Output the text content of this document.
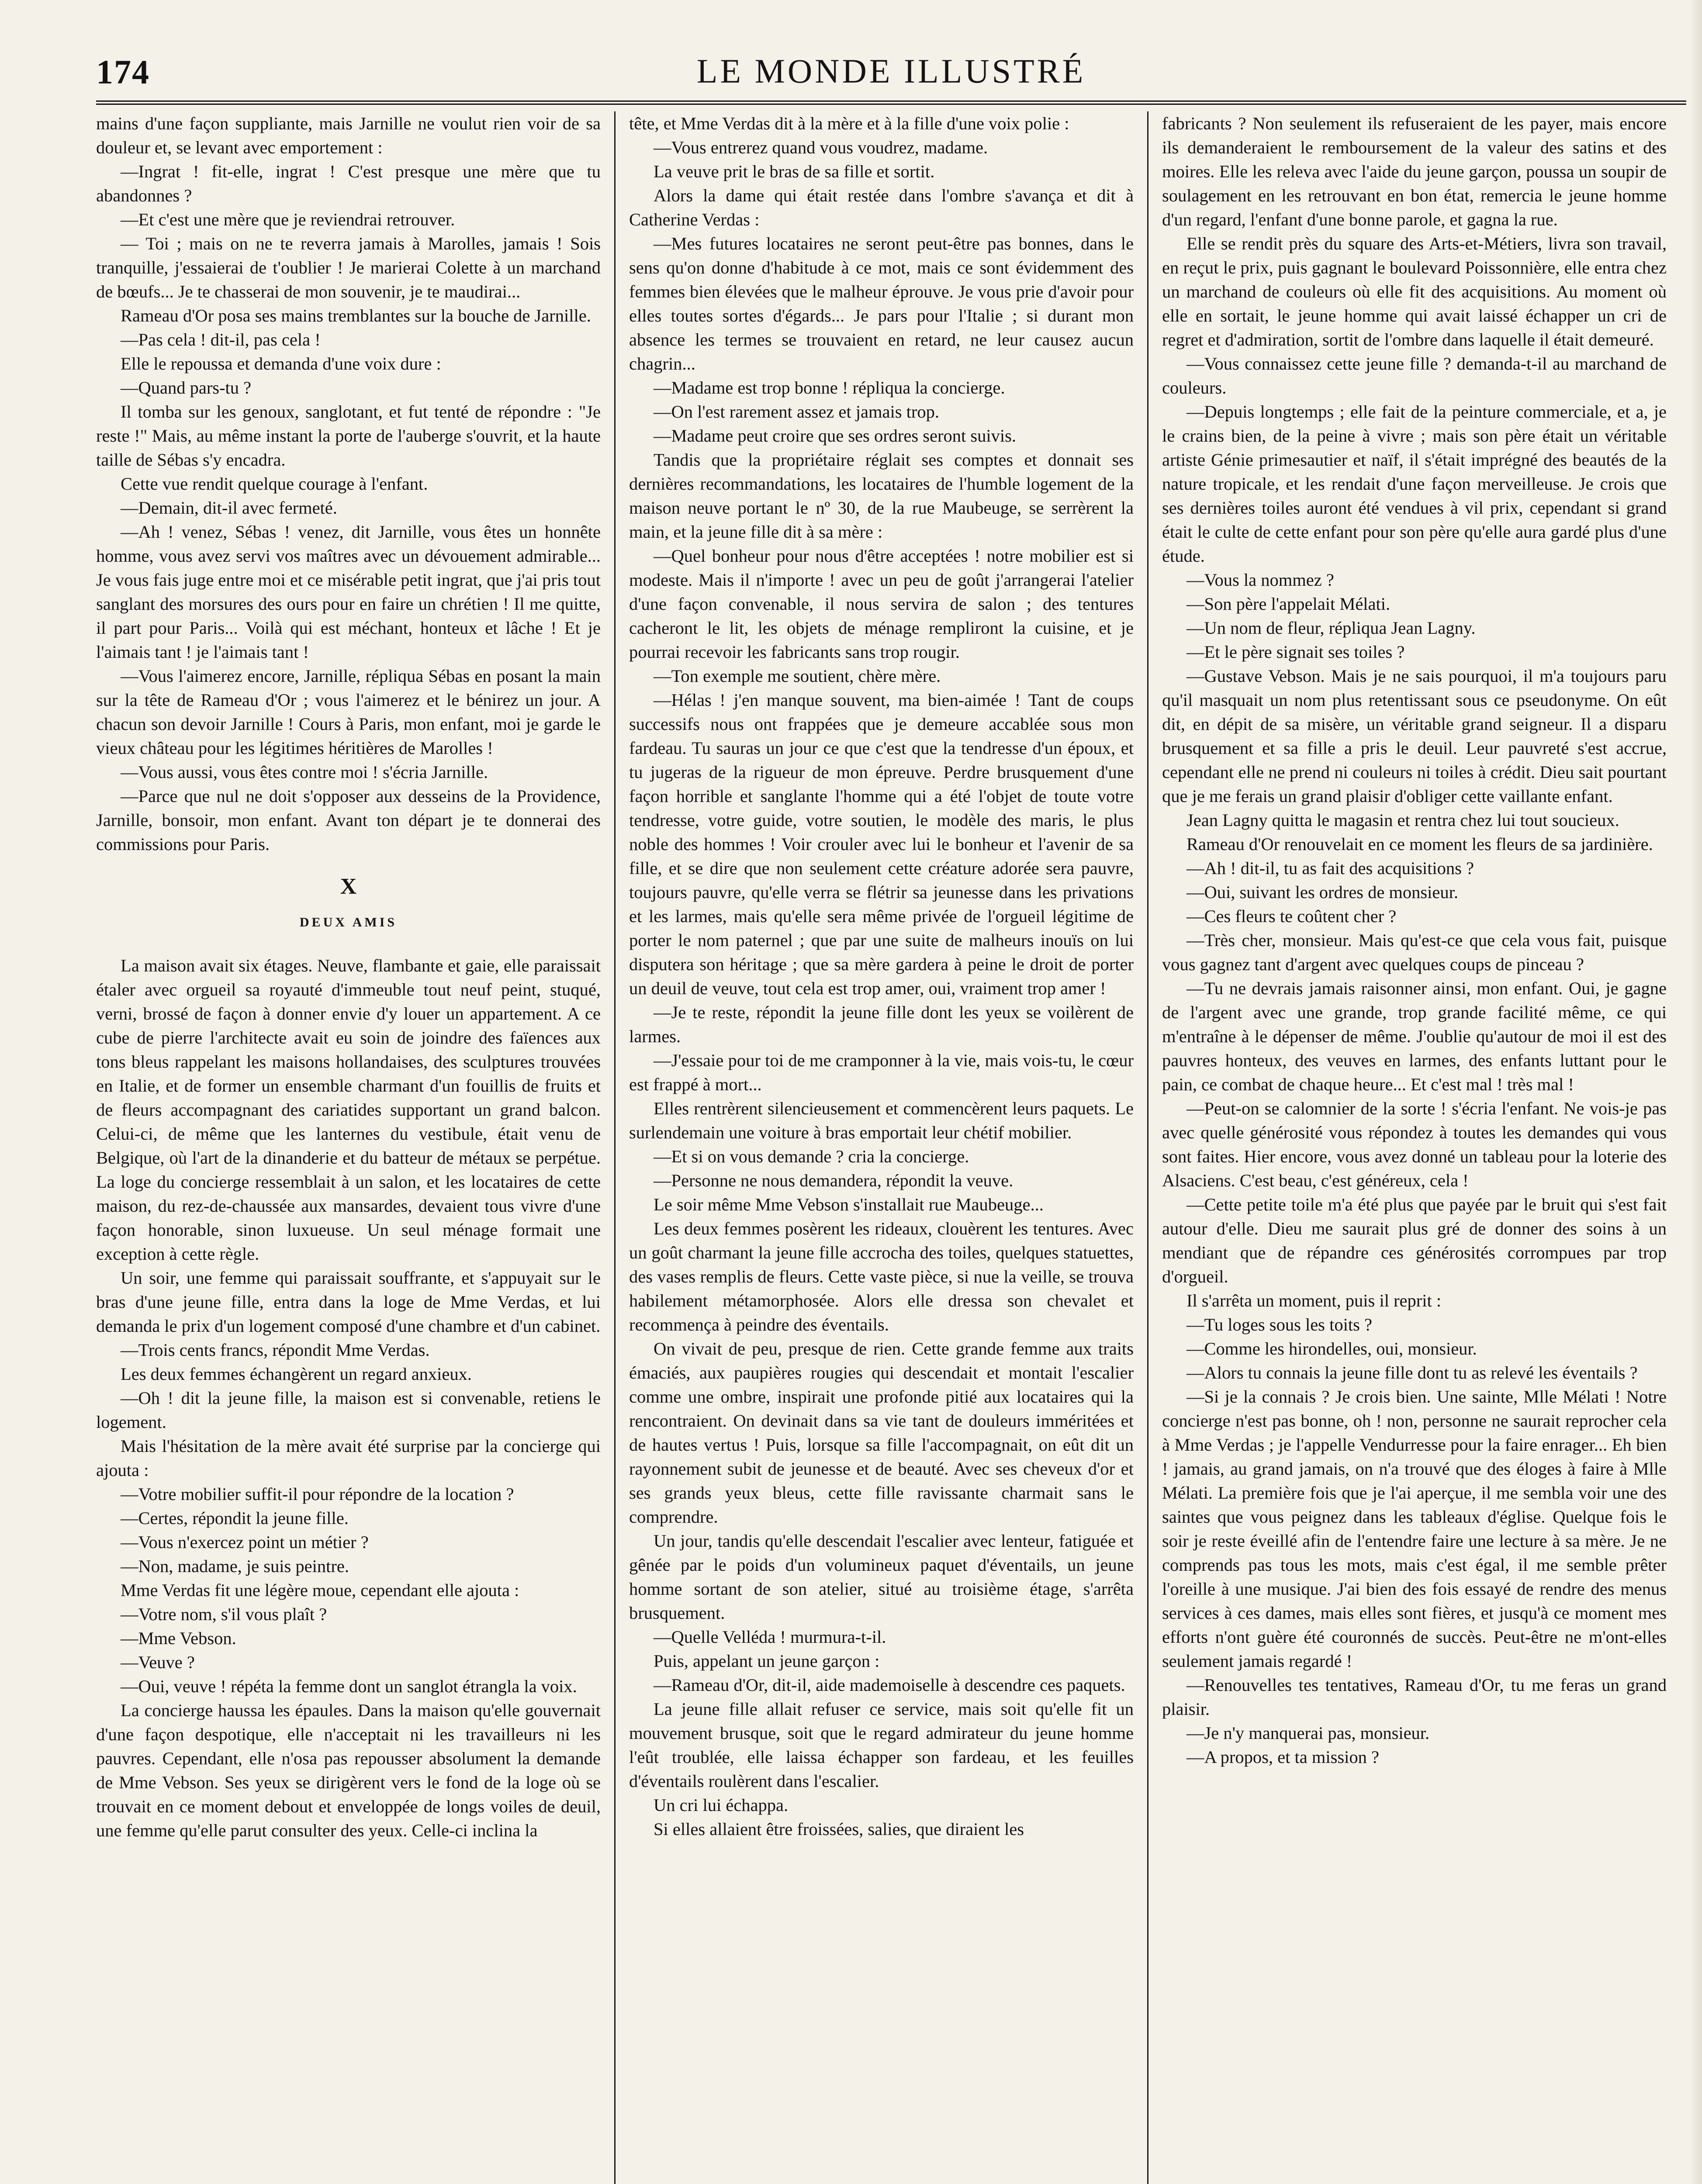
174	LE MONDE ILLUSTRÉ

mains d'une façon suppliante, mais Jarnille ne voulut rien voir de sa douleur et, se levant avec emportement :

—Ingrat ! fit-elle, ingrat ! C'est presque une mère que tu abandonnes ?

—Et c'est une mère que je reviendrai retrouver.

— Toi ; mais on ne te reverra jamais à Marolles, jamais ! Sois tranquille, j'essaierai de t'oublier ! Je marierai Colette à un marchand de bœufs... Je te chasserai de mon souvenir, je te maudirai...

Rameau d'Or posa ses mains tremblantes sur la bouche de Jarnille.

—Pas cela ! dit-il, pas cela !

Elle le repoussa et demanda d'une voix dure :

—Quand pars-tu ?

Il tomba sur les genoux, sanglotant, et fut tenté de répondre : "Je reste !" Mais, au même instant la porte de l'auberge s'ouvrit, et la haute taille de Sébas s'y encadra.

Cette vue rendit quelque courage à l'enfant.

—Demain, dit-il avec fermeté.

—Ah ! venez, Sébas ! venez, dit Jarnille, vous êtes un honnête homme, vous avez servi vos maîtres avec un dévouement admirable... Je vous fais juge entre moi et ce misérable petit ingrat, que j'ai pris tout sanglant des morsures des ours pour en faire un chrétien ! Il me quitte, il part pour Paris... Voilà qui est méchant, honteux et lâche ! Et je l'aimais tant ! je l'aimais tant !

—Vous l'aimerez encore, Jarnille, répliqua Sébas en posant la main sur la tête de Rameau d'Or ; vous l'aimerez et le bénirez un jour. A chacun son devoir Jarnille ! Cours à Paris, mon enfant, moi je garde le vieux château pour les légitimes héritières de Marolles !

—Vous aussi, vous êtes contre moi ! s'écria Jarnille.

—Parce que nul ne doit s'opposer aux desseins de la Providence, Jarnille, bonsoir, mon enfant. Avant ton départ je te donnerai des commissions pour Paris.

X
DEUX AMIS

La maison avait six étages. Neuve, flambante et gaie, elle paraissait étaler avec orgueil sa royauté d'immeuble tout neuf peint, stuqué, verni, brossé de façon à donner envie d'y louer un appartement. A ce cube de pierre l'architecte avait eu soin de joindre des faïences aux tons bleus rappelant les maisons hollandaises, des sculptures trouvées en Italie, et de former un ensemble charmant d'un fouillis de fruits et de fleurs accompagnant des cariatides supportant un grand balcon. Celui-ci, de même que les lanternes du vestibule, était venu de Belgique, où l'art de la dinanderie et du batteur de métaux se perpétue. La loge du concierge ressemblait à un salon, et les locataires de cette maison, du rez-de-chaussée aux mansardes, devaient tous vivre d'une façon honorable, sinon luxueuse. Un seul ménage formait une exception à cette règle.

Un soir, une femme qui paraissait souffrante, et s'appuyait sur le bras d'une jeune fille, entra dans la loge de Mme Verdas, et lui demanda le prix d'un logement composé d'une chambre et d'un cabinet.

—Trois cents francs, répondit Mme Verdas.

Les deux femmes échangèrent un regard anxieux.

—Oh ! dit la jeune fille, la maison est si convenable, retiens le logement.

Mais l'hésitation de la mère avait été surprise par la concierge qui ajouta :

—Votre mobilier suffit-il pour répondre de la location ?

—Certes, répondit la jeune fille.

—Vous n'exercez point un métier ?

—Non, madame, je suis peintre.

Mme Verdas fit une légère moue, cependant elle ajouta :

—Votre nom, s'il vous plaît ?

—Mme Vebson.

—Veuve ?

—Oui, veuve ! répéta la femme dont un sanglot étrangla la voix.

La concierge haussa les épaules. Dans la maison qu'elle gouvernait d'une façon despotique, elle n'acceptait ni les travailleurs ni les pauvres. Cependant, elle n'osa pas repousser absolument la demande de Mme Vebson. Ses yeux se dirigèrent vers le fond de la loge où se trouvait en ce moment debout et enveloppée de longs voiles de deuil, une femme qu'elle parut consulter des yeux. Celle-ci inclina la

tête, et Mme Verdas dit à la mère et à la fille d'une voix polie :

—Vous entrerez quand vous voudrez, madame.

La veuve prit le bras de sa fille et sortit.

Alors la dame qui était restée dans l'ombre s'avança et dit à Catherine Verdas :

—Mes futures locataires ne seront peut-être pas bonnes, dans le sens qu'on donne d'habitude à ce mot, mais ce sont évidemment des femmes bien élevées que le malheur éprouve. Je vous prie d'avoir pour elles toutes sortes d'égards... Je pars pour l'Italie ; si durant mon absence les termes se trouvaient en retard, ne leur causez aucun chagrin...

—Madame est trop bonne ! répliqua la concierge.

—On l'est rarement assez et jamais trop.

—Madame peut croire que ses ordres seront suivis.

Tandis que la propriétaire réglait ses comptes et donnait ses dernières recommandations, les locataires de l'humble logement de la maison neuve portant le nº 30, de la rue Maubeuge, se serrèrent la main, et la jeune fille dit à sa mère :

—Quel bonheur pour nous d'être acceptées ! notre mobilier est si modeste. Mais il n'importe ! avec un peu de goût j'arrangerai l'atelier d'une façon convenable, il nous servira de salon ; des tentures cacheront le lit, les objets de ménage rempliront la cuisine, et je pourrai recevoir les fabricants sans trop rougir.

—Ton exemple me soutient, chère mère.

—Hélas ! j'en manque souvent, ma bien-aimée ! Tant de coups successifs nous ont frappées que je demeure accablée sous mon fardeau. Tu sauras un jour ce que c'est que la tendresse d'un époux, et tu jugeras de la rigueur de mon épreuve. Perdre brusquement d'une façon horrible et sanglante l'homme qui a été l'objet de toute votre tendresse, votre guide, votre soutien, le modèle des maris, le plus noble des hommes ! Voir crouler avec lui le bonheur et l'avenir de sa fille, et se dire que non seulement cette créature adorée sera pauvre, toujours pauvre, qu'elle verra se flétrir sa jeunesse dans les privations et les larmes, mais qu'elle sera même privée de l'orgueil légitime de porter le nom paternel ; que par une suite de malheurs inouïs on lui disputera son héritage ; que sa mère gardera à peine le droit de porter un deuil de veuve, tout cela est trop amer, oui, vraiment trop amer !

—Je te reste, répondit la jeune fille dont les yeux se voilèrent de larmes.

—J'essaie pour toi de me cramponner à la vie, mais vois-tu, le cœur est frappé à mort...

Elles rentrèrent silencieusement et commencèrent leurs paquets. Le surlendemain une voiture à bras emportait leur chétif mobilier.

—Et si on vous demande ? cria la concierge.

—Personne ne nous demandera, répondit la veuve.

Le soir même Mme Vebson s'installait rue Maubeuge...

Les deux femmes posèrent les rideaux, clouèrent les tentures. Avec un goût charmant la jeune fille accrocha des toiles, quelques statuettes, des vases remplis de fleurs. Cette vaste pièce, si nue la veille, se trouva habilement métamorphosée. Alors elle dressa son chevalet et recommença à peindre des éventails.

On vivait de peu, presque de rien. Cette grande femme aux traits émaciés, aux paupières rougies qui descendait et montait l'escalier comme une ombre, inspirait une profonde pitié aux locataires qui la rencontraient. On devinait dans sa vie tant de douleurs imméritées et de hautes vertus ! Puis, lorsque sa fille l'accompagnait, on eût dit un rayonnement subit de jeunesse et de beauté. Avec ses cheveux d'or et ses grands yeux bleus, cette fille ravissante charmait sans le comprendre.

Un jour, tandis qu'elle descendait l'escalier avec lenteur, fatiguée et gênée par le poids d'un volumineux paquet d'éventails, un jeune homme sortant de son atelier, situé au troisième étage, s'arrêta brusquement.

—Quelle Velléda ! murmura-t-il.

Puis, appelant un jeune garçon :

—Rameau d'Or, dit-il, aide mademoiselle à descendre ces paquets.

La jeune fille allait refuser ce service, mais soit qu'elle fit un mouvement brusque, soit que le regard admirateur du jeune homme l'eût troublée, elle laissa échapper son fardeau, et les feuilles d'éventails roulèrent dans l'escalier.

Un cri lui échappa.

Si elles allaient être froissées, salies, que diraient les

fabricants ? Non seulement ils refuseraient de les payer, mais encore ils demanderaient le remboursement de la valeur des satins et des moires. Elle les releva avec l'aide du jeune garçon, poussa un soupir de soulagement en les retrouvant en bon état, remercia le jeune homme d'un regard, l'enfant d'une bonne parole, et gagna la rue.

Elle se rendit près du square des Arts-et-Métiers, livra son travail, en reçut le prix, puis gagnant le boulevard Poissonnière, elle entra chez un marchand de couleurs où elle fit des acquisitions. Au moment où elle en sortait, le jeune homme qui avait laissé échapper un cri de regret et d'admiration, sortit de l'ombre dans laquelle il était demeuré.

—Vous connaissez cette jeune fille ? demanda-t-il au marchand de couleurs.

—Depuis longtemps ; elle fait de la peinture commerciale, et a, je le crains bien, de la peine à vivre ; mais son père était un véritable artiste Génie primesautier et naïf, il s'était imprégné des beautés de la nature tropicale, et les rendait d'une façon merveilleuse. Je crois que ses dernières toiles auront été vendues à vil prix, cependant si grand était le culte de cette enfant pour son père qu'elle aura gardé plus d'une étude.

—Vous la nommez ?

—Son père l'appelait Mélati.

—Un nom de fleur, répliqua Jean Lagny.

—Et le père signait ses toiles ?

—Gustave Vebson. Mais je ne sais pourquoi, il m'a toujours paru qu'il masquait un nom plus retentissant sous ce pseudonyme. On eût dit, en dépit de sa misère, un véritable grand seigneur. Il a disparu brusquement et sa fille a pris le deuil. Leur pauvreté s'est accrue, cependant elle ne prend ni couleurs ni toiles à crédit. Dieu sait pourtant que je me ferais un grand plaisir d'obliger cette vaillante enfant.

Jean Lagny quitta le magasin et rentra chez lui tout soucieux.

Rameau d'Or renouvelait en ce moment les fleurs de sa jardinière.

—Ah ! dit-il, tu as fait des acquisitions ?

—Oui, suivant les ordres de monsieur.

—Ces fleurs te coûtent cher ?

—Très cher, monsieur. Mais qu'est-ce que cela vous fait, puisque vous gagnez tant d'argent avec quelques coups de pinceau ?

—Tu ne devrais jamais raisonner ainsi, mon enfant. Oui, je gagne de l'argent avec une grande, trop grande facilité même, ce qui m'entraîne à le dépenser de même. J'oublie qu'autour de moi il est des pauvres honteux, des veuves en larmes, des enfants luttant pour le pain, ce combat de chaque heure... Et c'est mal ! très mal !

—Peut-on se calomnier de la sorte ! s'écria l'enfant. Ne vois-je pas avec quelle générosité vous répondez à toutes les demandes qui vous sont faites. Hier encore, vous avez donné un tableau pour la loterie des Alsaciens. C'est beau, c'est généreux, cela !

—Cette petite toile m'a été plus que payée par le bruit qui s'est fait autour d'elle. Dieu me saurait plus gré de donner des soins à un mendiant que de répandre ces générosités corrompues par trop d'orgueil.

Il s'arrêta un moment, puis il reprit :

—Tu loges sous les toits ?

—Comme les hirondelles, oui, monsieur.

—Alors tu connais la jeune fille dont tu as relevé les éventails ?

—Si je la connais ? Je crois bien. Une sainte, Mlle Mélati ! Notre concierge n'est pas bonne, oh ! non, personne ne saurait reprocher cela à Mme Verdas ; je l'appelle Vendurresse pour la faire enrager... Eh bien ! jamais, au grand jamais, on n'a trouvé que des éloges à faire à Mlle Mélati. La première fois que je l'ai aperçue, il me sembla voir une des saintes que vous peignez dans les tableaux d'église. Quelque fois le soir je reste éveillé afin de l'entendre faire une lecture à sa mère. Je ne comprends pas tous les mots, mais c'est égal, il me semble prêter l'oreille à une musique. J'ai bien des fois essayé de rendre des menus services à ces dames, mais elles sont fières, et jusqu'à ce moment mes efforts n'ont guère été couronnés de succès. Peut-être ne m'ont-elles seulement jamais regardé !

—Renouvelles tes tentatives, Rameau d'Or, tu me feras un grand plaisir.

—Je n'y manquerai pas, monsieur.

—A propos, et ta mission ?
